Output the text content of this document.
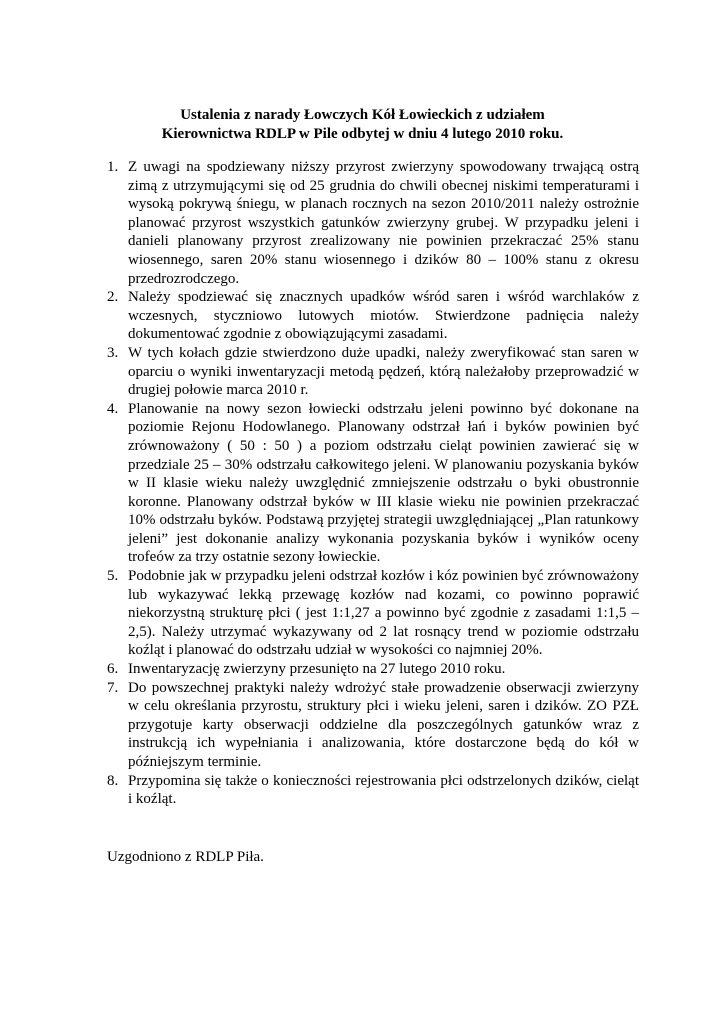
Ustalenia z narady Łowczych Kół Łowieckich z udziałem
Kierownictwa RDLP w Pile odbytej w dniu 4 lutego 2010 roku.
1. Z uwagi na spodziewany niższy przyrost zwierzyny spowodowany trwającą ostrą zimą z utrzymującymi się od 25 grudnia do chwili obecnej niskimi temperaturami i wysoką pokrywą śniegu, w planach rocznych na sezon 2010/2011 należy ostrożnie planować przyrost wszystkich gatunków zwierzyny grubej. W przypadku jeleni i danieli planowany przyrost zrealizowany nie powinien przekraczać 25% stanu wiosennego, saren 20% stanu wiosennego i dzików 80 – 100% stanu z okresu przedrozrodczego.
2. Należy spodziewać się znacznych upadków wśród saren i wśród warchlaków z wczesnych, styczniowo lutowych miotów. Stwierdzone padnięcia należy dokumentować zgodnie z obowiązującymi zasadami.
3. W tych kołach gdzie stwierdzono duże upadki, należy zweryfikować stan saren w oparciu o wyniki inwentaryzacji metodą pędzeń, którą należałoby przeprowadzić w drugiej połowie marca 2010 r.
4. Planowanie na nowy sezon łowiecki odstrzału jeleni powinno być dokonane na poziomie Rejonu Hodowlanego. Planowany odstrzał łań i byków powinien być zrównoważony ( 50 : 50 ) a poziom odstrzału cieląt powinien zawierać się w przedziale 25 – 30% odstrzału całkowitego jeleni. W planowaniu pozyskania byków w II klasie wieku należy uwzględnić zmniejszenie odstrzału o byki obustronnie koronne. Planowany odstrzał byków w III klasie wieku nie powinien przekraczać 10% odstrzału byków. Podstawą przyjętej strategii uwzględniającej „Plan ratunkowy jeleni” jest dokonanie analizy wykonania pozyskania byków i wyników oceny trofeów za trzy ostatnie sezony łowieckie.
5. Podobnie jak w przypadku jeleni odstrzał kozłów i kóz powinien być zrównoważony lub wykazywać lekką przewagę kozłów nad kozami, co powinno poprawić niekorzystną strukturę płci ( jest 1:1,27 a powinno być zgodnie z zasadami 1:1,5 – 2,5). Należy utrzymać wykazywany od 2 lat rosnący trend w poziomie odstrzału koźląt i planować do odstrzału udział w wysokości co najmniej 20%.
6. Inwentaryzację zwierzyny przesunięto na 27 lutego 2010 roku.
7. Do powszechnej praktyki należy wdrożyć stałe prowadzenie obserwacji zwierzyny w celu określania przyrostu, struktury płci i wieku jeleni, saren i dzików. ZO PZŁ przygotuje karty obserwacji oddzielne dla poszczególnych gatunków wraz z instrukcją ich wypełniania i analizowania, które dostarczone będą do kół w późniejszym terminie.
8. Przypomina się także o konieczności rejestrowania płci odstrzelonych dzików, cieląt i koźląt.

Uzgodniono z RDLP Piła.
